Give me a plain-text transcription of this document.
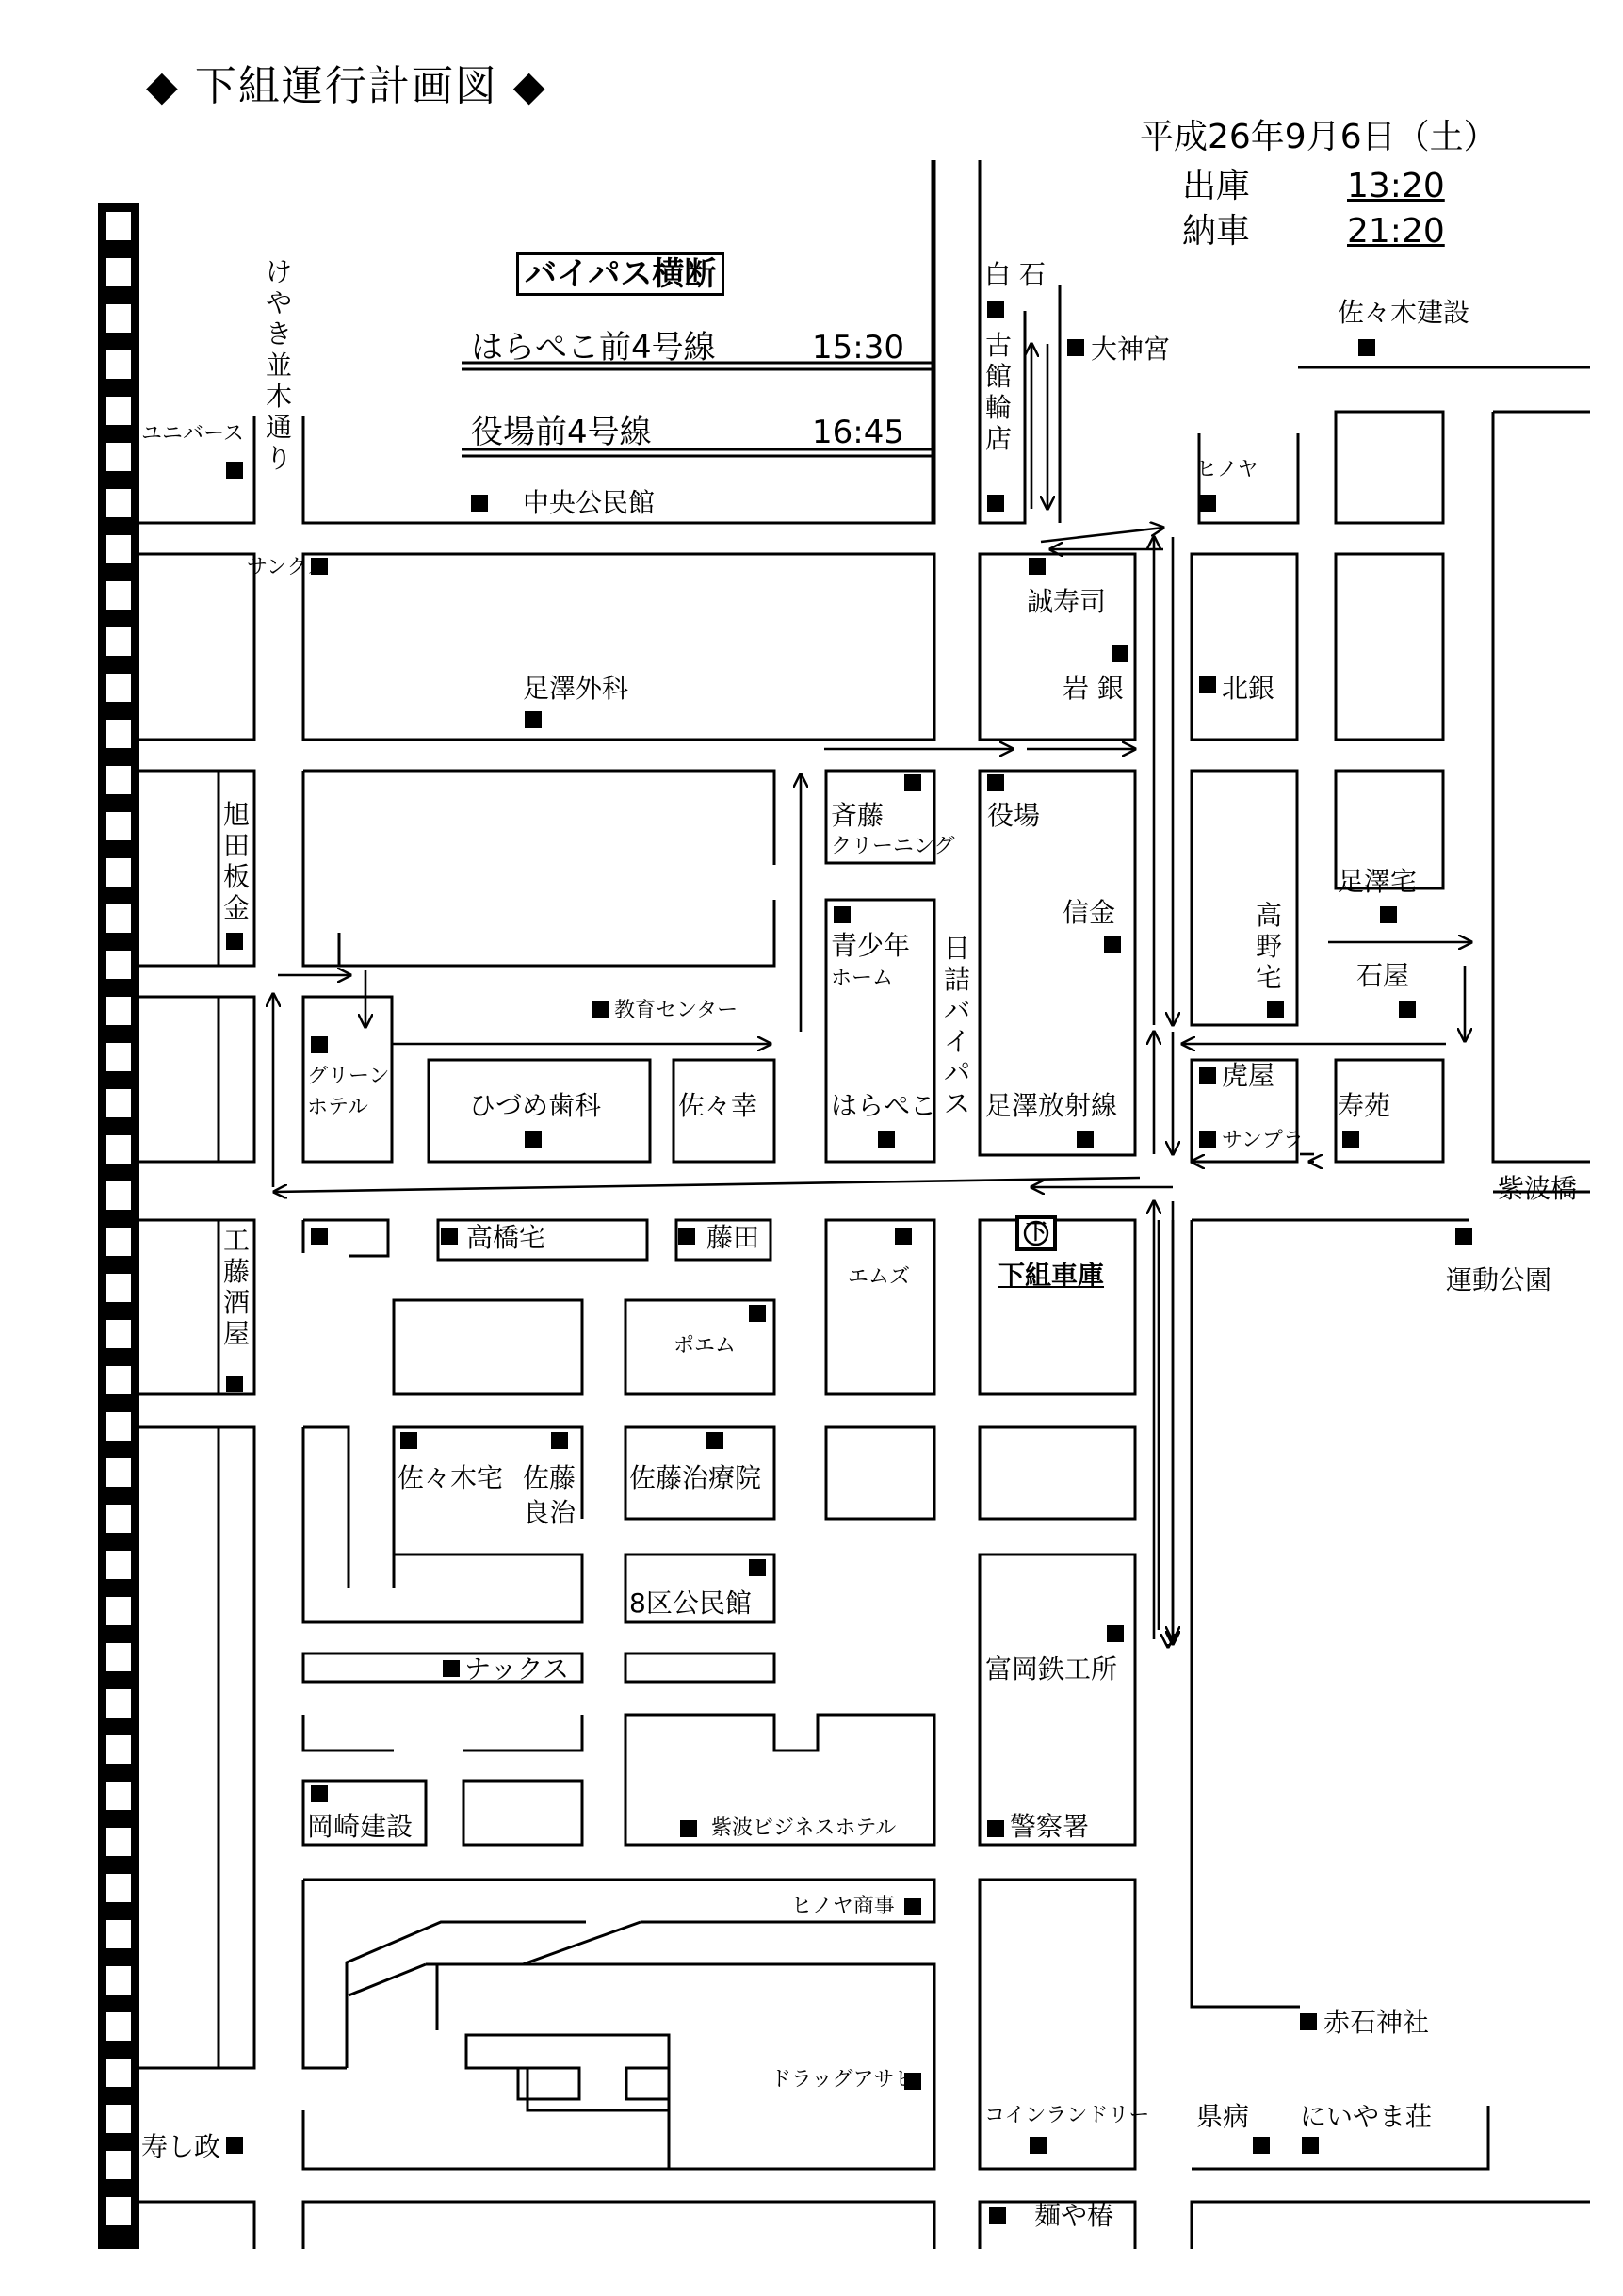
◆ 下組運行計画図 ◆
平成26年9月6日（土）
出庫	13:20
納車	21:20
バイパス横断
はらぺこ前4号線	15:30
役場前4号線	16:45
けやき並木通り
日詰バイパス
白 石
紫波橋
ユニバース
中央公民館
古館輪店
大神宮
佐々木建設
ヒノヤ
サンクス
誠寿司
岩 銀	北銀
足澤外科
旭田板金
斉藤
クリーニング
役場
足澤宅
信金	高野宅	石屋
青少年
ホーム
教育センター
グリーン
ホテル	ひづめ歯科	佐々幸	はらぺこ 足澤放射線
虎屋
サンプラ
寿苑
工藤酒屋
高橋宅	藤田
エムズ	下組車庫
下
運動公園
ポエム
佐々木宅 佐藤
良治
佐藤治療院
8区公民館
ナックス	富岡鉄工所
岡崎建設	紫波ビジネスホテル	警察署
ヒノヤ商事
赤石神社
ドラッグアサヒ
コインランドリー 県病 にいやま荘
寿し政
麺や椿
